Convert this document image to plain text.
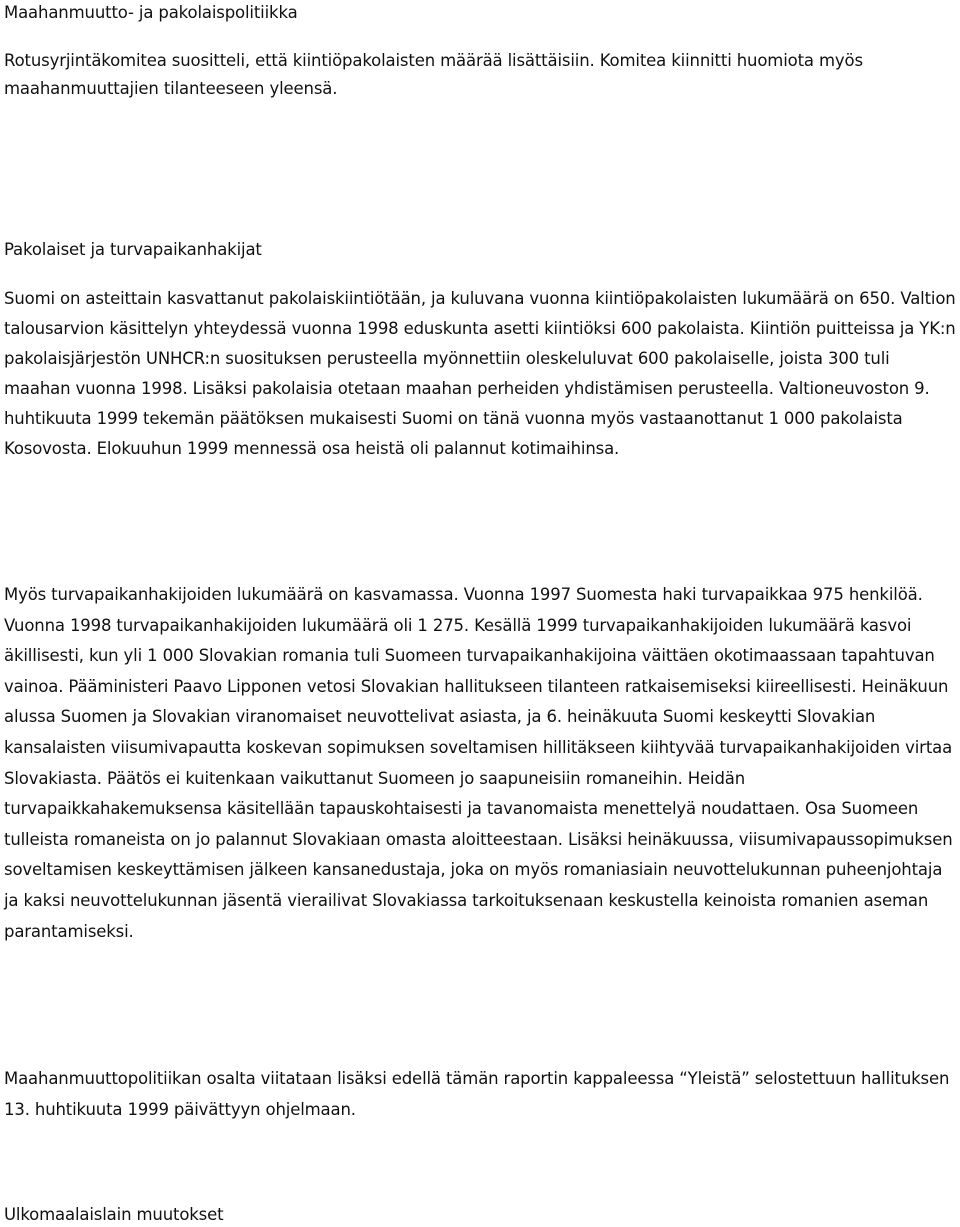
Maahanmuutto- ja pakolaispolitiikka

Rotusyrjintäkomitea suositteli, että kiintiöpakolaisten määrää lisättäisiin. Komitea kiinnitti huomiota myös maahanmuuttajien tilanteeseen yleensä.

Pakolaiset ja turvapaikanhakijat

Suomi on asteittain kasvattanut pakolaiskiintiötään, ja kuluvana vuonna kiintiöpakolaisten lukumäärä on 650. Valtion talousarvion käsittelyn yhteydessä vuonna 1998 eduskunta asetti kiintiöksi 600 pakolaista. Kiintiön puitteissa ja YK:n pakolaisjärjestön UNHCR:n suosituksen perusteella myönnettiin oleskeluluvat 600 pakolaiselle, joista 300 tuli maahan vuonna 1998. Lisäksi pakolaisia otetaan maahan perheiden yhdistämisen perusteella. Valtioneuvoston 9. huhtikuuta 1999 tekemän päätöksen mukaisesti Suomi on tänä vuonna myös vastaanottanut 1 000 pakolaista Kosovosta. Elokuuhun 1999 mennessä osa heistä oli palannut kotimaihinsa.

Myös turvapaikanhakijoiden lukumäärä on kasvamassa. Vuonna 1997 Suomesta haki turvapaikkaa 975 henkilöä. Vuonna 1998 turvapaikanhakijoiden lukumäärä oli 1 275. Kesällä 1999 turvapaikanhakijoiden lukumäärä kasvoi äkillisesti, kun yli 1 000 Slovakian romania tuli Suomeen turvapaikanhakijoina väittäen okotimaassaan tapahtuvan vainoa. Pääministeri Paavo Lipponen vetosi Slovakian hallitukseen tilanteen ratkaisemiseksi kiireellisesti. Heinäkuun alussa Suomen ja Slovakian viranomaiset neuvottelivat asiasta, ja 6. heinäkuuta Suomi keskeytti Slovakian kansalaisten viisumivapautta koskevan sopimuksen soveltamisen hillitäkseen kiihtyvää turvapaikanhakijoiden virtaa Slovakiasta. Päätös ei kuitenkaan vaikuttanut Suomeen jo saapuneisiin romaneihin. Heidän turvapaikkahakemuksensa käsitellään tapauskohtaisesti ja tavanomaista menettelyä noudattaen. Osa Suomeen tulleista romaneista on jo palannut Slovakiaan omasta aloitteestaan. Lisäksi heinäkuussa, viisumivapaussopimuksen soveltamisen keskeyttämisen jälkeen kansanedustaja, joka on myös romaniasiain neuvottelukunnan puheenjohtaja ja kaksi neuvottelukunnan jäsentä vierailivat Slovakiassa tarkoituksenaan keskustella keinoista romanien aseman parantamiseksi.

Maahanmuuttopolitiikan osalta viitataan lisäksi edellä tämän raportin kappaleessa “Yleistä” selostettuun hallituksen 13. huhtikuuta 1999 päivättyyn ohjelmaan.

Ulkomaalaislain muutokset
